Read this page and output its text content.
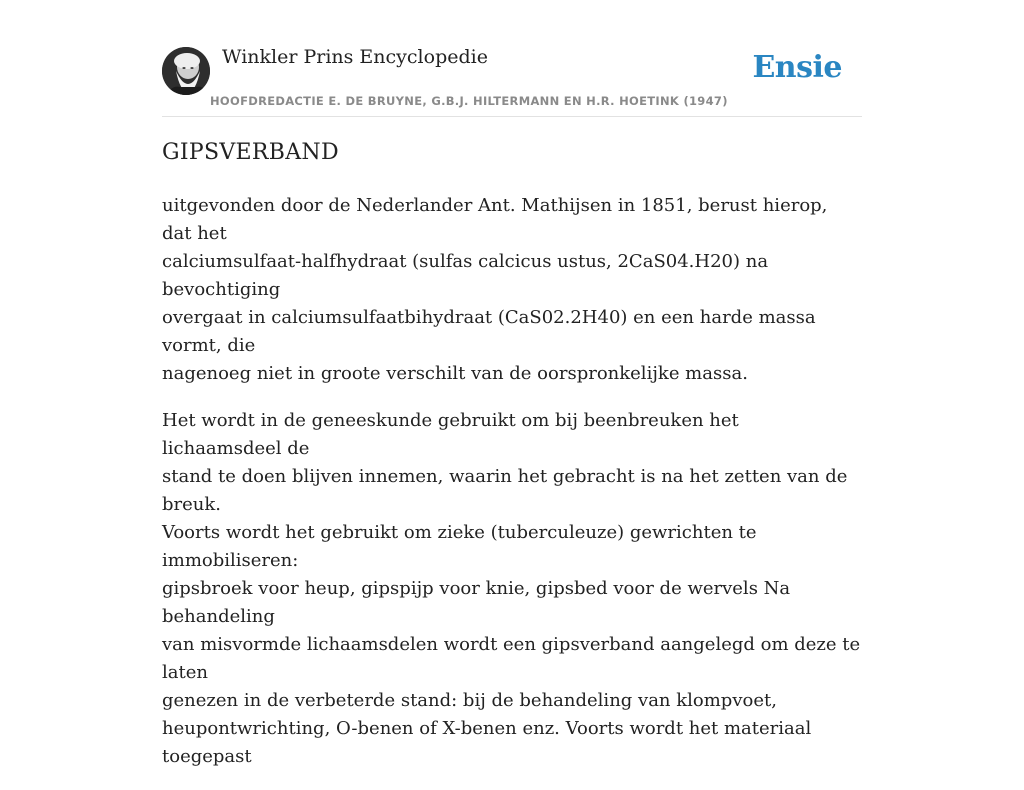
Winkler Prins Encyclopedie
HOOFDREDACTIE E. DE BRUYNE, G.B.J. HILTERMANN EN H.R. HOETINK (1947)
Ensie
GIPSVERBAND

uitgevonden door de Nederlander Ant. Mathijsen in 1851, berust hierop, dat het
calciumsulfaat-halfhydraat (sulfas calcicus ustus, 2CaS04.H20) na bevochtiging
overgaat in calciumsulfaatbihydraat (CaS02.2H40) en een harde massa vormt, die
nagenoeg niet in groote verschilt van de oorspronkelijke massa.

Het wordt in de geneeskunde gebruikt om bij beenbreuken het lichaamsdeel de
stand te doen blijven innemen, waarin het gebracht is na het zetten van de breuk.
Voorts wordt het gebruikt om zieke (tuberculeuze) gewrichten te immobiliseren:
gipsbroek voor heup, gipspijp voor knie, gipsbed voor de wervels Na behandeling
van misvormde lichaamsdelen wordt een gipsverband aangelegd om deze te laten
genezen in de verbeterde stand: bij de behandeling van klompvoet,
heupontwrichting, O-benen of X-benen enz. Voorts wordt het materiaal toegepast
